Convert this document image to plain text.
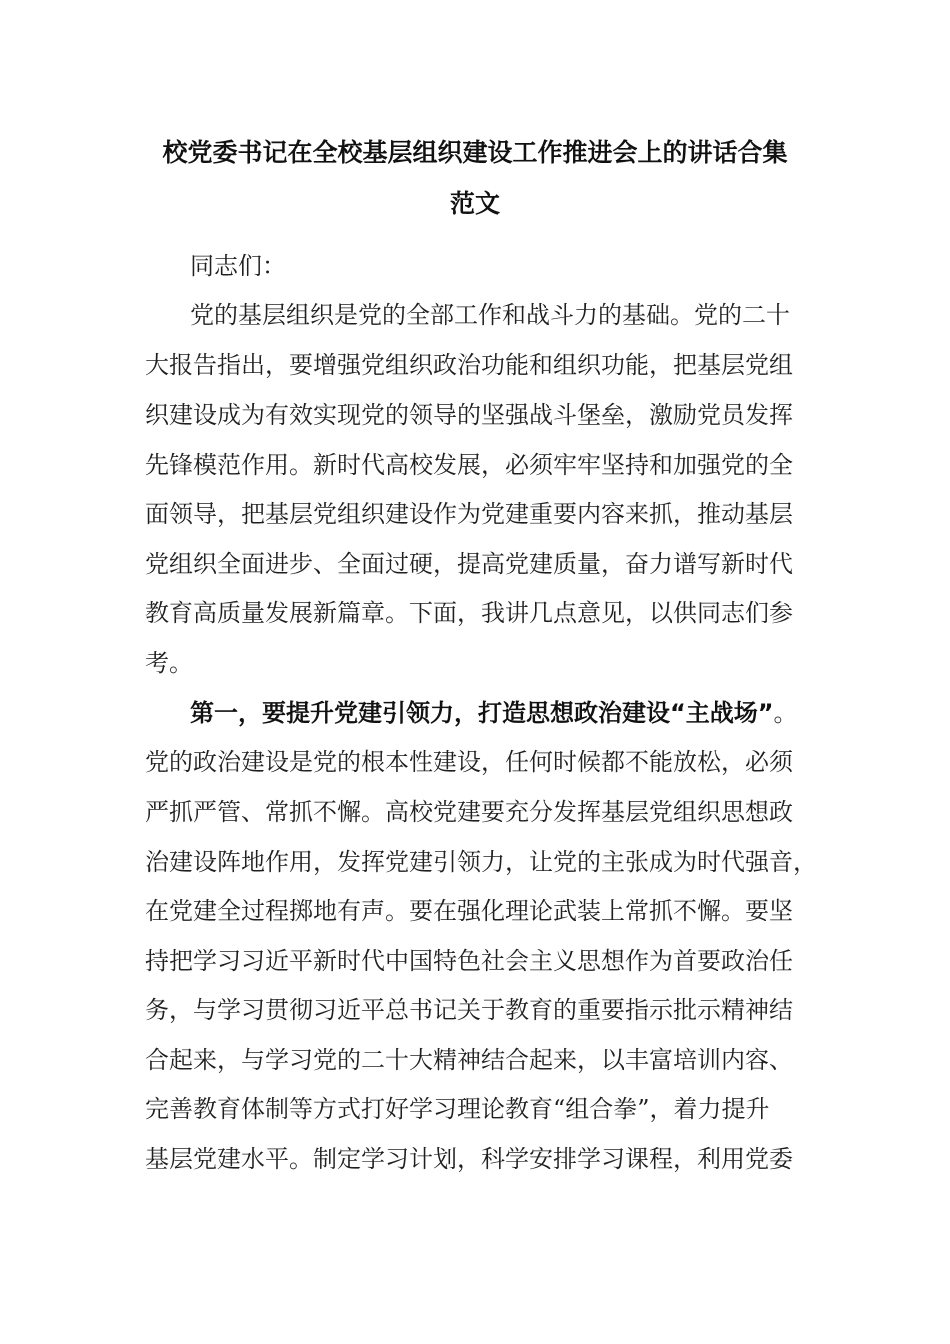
校党委书记在全校基层组织建设工作推进会上的讲话合集
范文
同志们：
党的基层组织是党的全部工作和战斗力的基础。党的二十
大报告指出，要增强党组织政治功能和组织功能，把基层党组
织建设成为有效实现党的领导的坚强战斗堡垒，激励党员发挥
先锋模范作用。新时代高校发展，必须牢牢坚持和加强党的全
面领导，把基层党组织建设作为党建重要内容来抓，推动基层
党组织全面进步、全面过硬，提高党建质量，奋力谱写新时代
教育高质量发展新篇章。下面，我讲几点意见，以供同志们参
考。
第一，要提升党建引领力，打造思想政治建设“主战场”。
党的政治建设是党的根本性建设，任何时候都不能放松，必须
严抓严管、常抓不懈。高校党建要充分发挥基层党组织思想政
治建设阵地作用，发挥党建引领力，让党的主张成为时代强音，
在党建全过程掷地有声。要在强化理论武装上常抓不懈。要坚
持把学习习近平新时代中国特色社会主义思想作为首要政治任
务，与学习贯彻习近平总书记关于教育的重要指示批示精神结
合起来，与学习党的二十大精神结合起来，以丰富培训内容、
完善教育体制等方式打好学习理论教育“组合拳”，着力提升
基层党建水平。制定学习计划，科学安排学习课程，利用党委
